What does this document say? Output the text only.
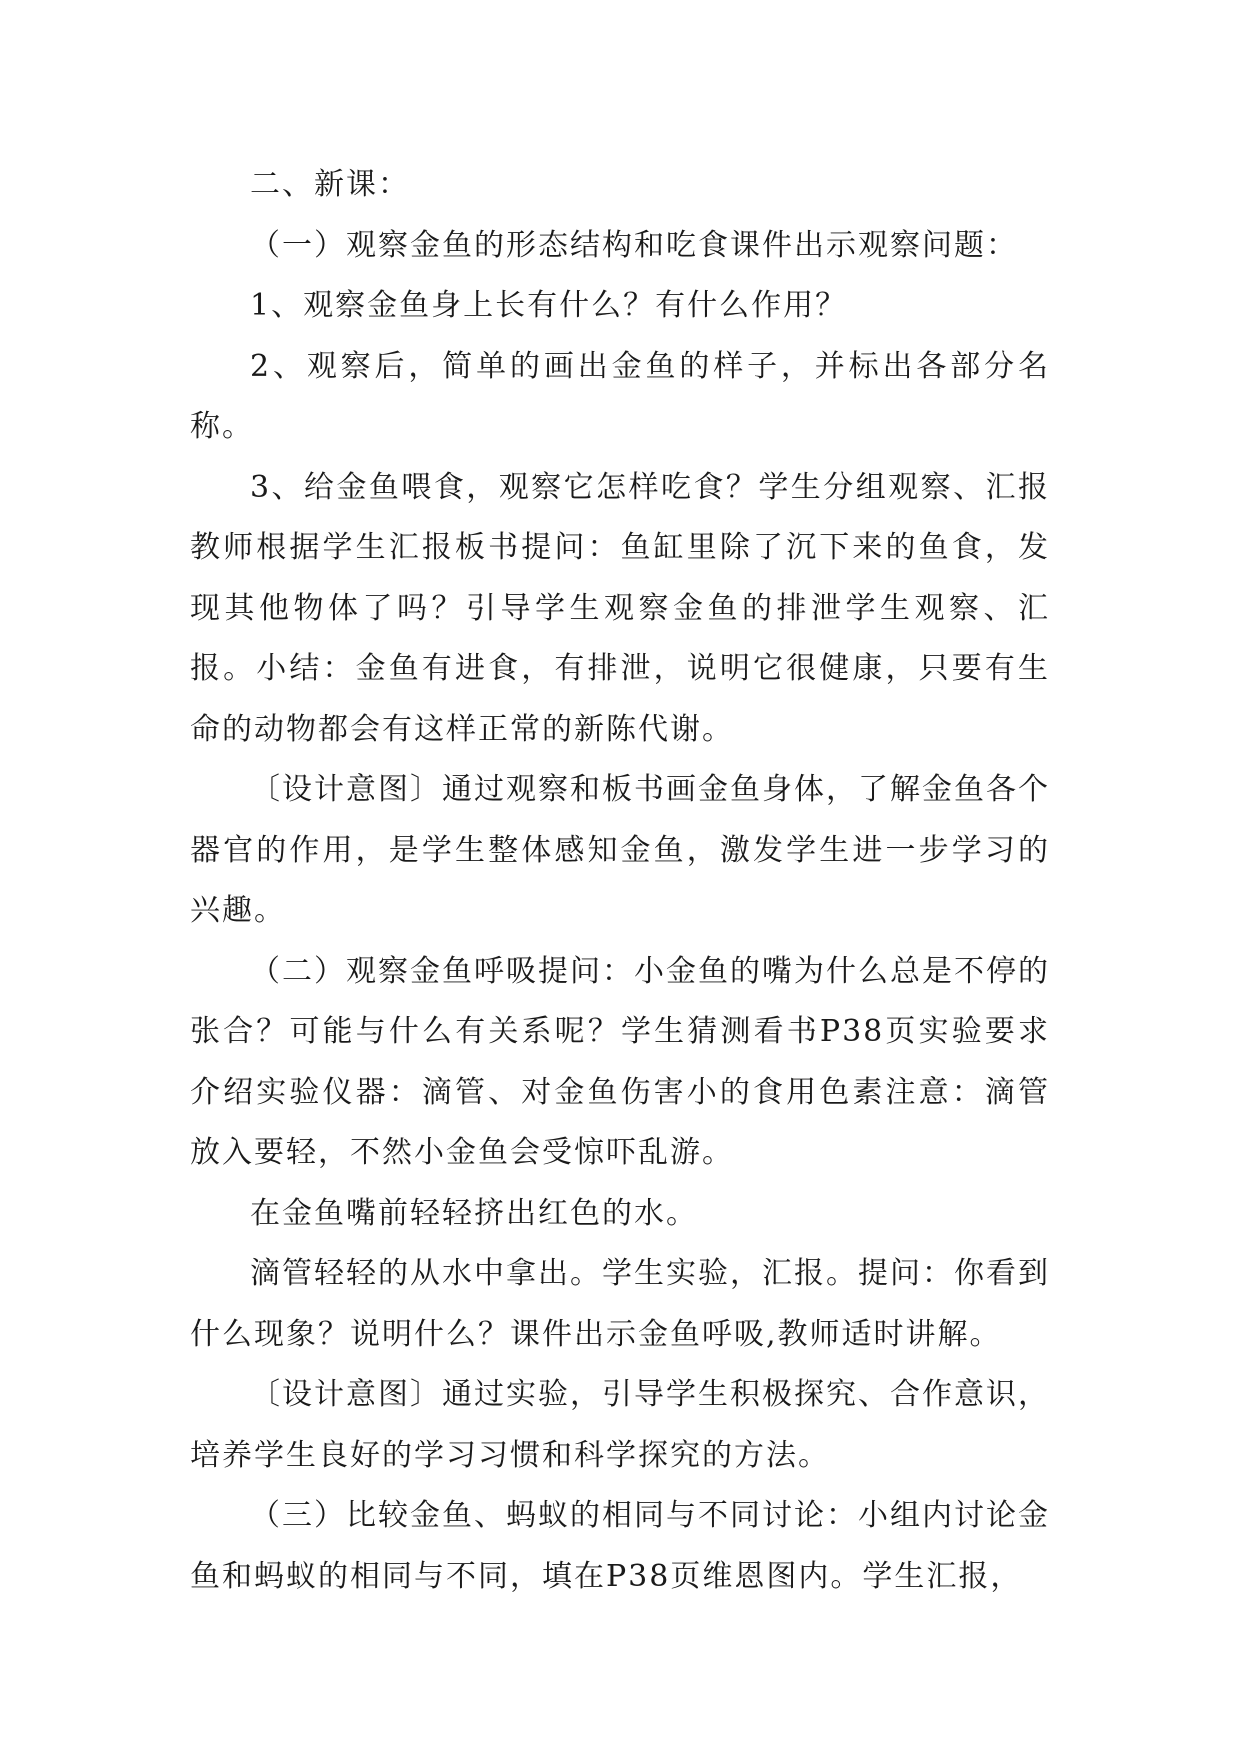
二、新课：

（一）观察金鱼的形态结构和吃食课件出示观察问题：

1、观察金鱼身上长有什么？有什么作用？

2、观察后，简单的画出金鱼的样子，并标出各部分名称。

3、给金鱼喂食，观察它怎样吃食？学生分组观察、汇报教师根据学生汇报板书提问：鱼缸里除了沉下来的鱼食，发现其他物体了吗？引导学生观察金鱼的排泄学生观察、汇报。小结：金鱼有进食，有排泄，说明它很健康，只要有生命的动物都会有这样正常的新陈代谢。

〔设计意图〕通过观察和板书画金鱼身体，了解金鱼各个器官的作用，是学生整体感知金鱼，激发学生进一步学习的兴趣。

（二）观察金鱼呼吸提问：小金鱼的嘴为什么总是不停的张合？可能与什么有关系呢？学生猜测看书P38页实验要求介绍实验仪器：滴管、对金鱼伤害小的食用色素注意：滴管放入要轻，不然小金鱼会受惊吓乱游。

在金鱼嘴前轻轻挤出红色的水。

滴管轻轻的从水中拿出。学生实验，汇报。提问：你看到什么现象？说明什么？课件出示金鱼呼吸,教师适时讲解。

〔设计意图〕通过实验，引导学生积极探究、合作意识，培养学生良好的学习习惯和科学探究的方法。

（三）比较金鱼、蚂蚁的相同与不同讨论：小组内讨论金鱼和蚂蚁的相同与不同，填在P38页维恩图内。学生汇报，
